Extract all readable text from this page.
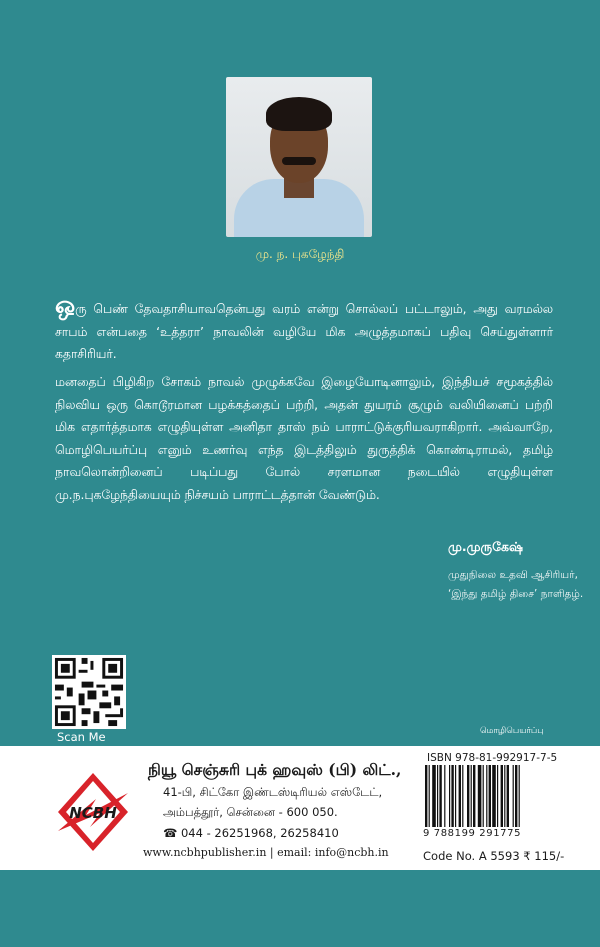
மு. ந. புகழேந்தி
ஒரு பெண் தேவதாசியாவதென்பது வரம் என்று சொல்லப் பட்டாலும், அது வரமல்ல சாபம் என்பதை ‘உத்தரா’ நாவலின் வழியே மிக அழுத்தமாகப் பதிவு செய்துள்ளார் கதாசிரியர்.
மனதைப் பிழிகிற சோகம் நாவல் முழுக்கவே இழையோடினாலும், இந்தியச் சமூகத்தில் நிலவிய ஒரு கொடூரமான பழக்கத்தைப் பற்றி, அதன் துயரம் சூழும் வலியினைப் பற்றி மிக எதார்த்தமாக எழுதியுள்ள அனிதா தாஸ் நம் பாராட்டுக்குரியவராகிறார். அவ்வாறே, மொழிபெயர்ப்பு எனும் உணர்வு எந்த இடத்திலும் துருத்திக் கொண்டிராமல், தமிழ் நாவலொன்றினைப் படிப்பது போல் சரளமான நடையில் எழுதியுள்ள மு.ந.புகழேந்தியையும் நிச்சயம் பாராட்டத்தான் வேண்டும்.
மு.முருகேஷ்
முதுநிலை உதவி ஆசிரியர்,
‘இந்து தமிழ் திசை’ நாளிதழ்.
Scan Me	மொழிபெயர்ப்பு
NCBH
நியூ செஞ்சுரி புக் ஹவுஸ் (பி) லிட்.,
41-பி, சிட்கோ இண்டஸ்டிரியல் எஸ்டேட்,
அம்பத்தூர், சென்னை - 600 050.
☎ 044 - 26251968, 26258410
www.ncbhpublisher.in | email: info@ncbh.in
ISBN 978-81-992917-7-5
9 788199 291775
Code No. A 5593 ₹ 115/-
